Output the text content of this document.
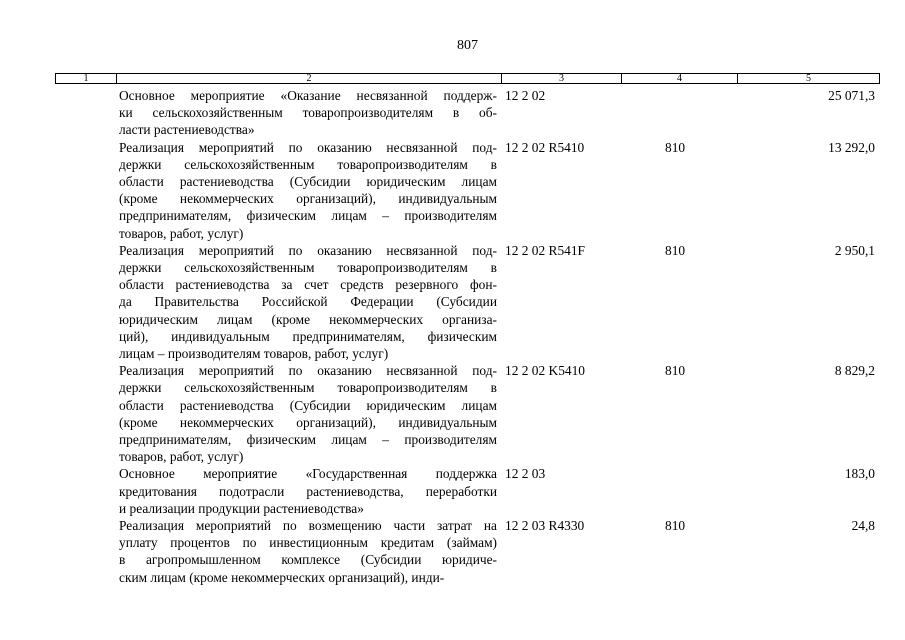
807
1	2	3	4	5
Основное мероприятие «Оказание несвязанной поддерж-
ки сельскохозяйственным товаропроизводителям в об-
ласти растениеводства»
12 2 02	25 071,3
Реализация мероприятий по оказанию несвязанной под-
держки сельскохозяйственным товаропроизводителям в
области растениеводства (Субсидии юридическим лицам
(кроме некоммерческих организаций), индивидуальным
предпринимателям, физическим лицам – производителям
товаров, работ, услуг)
12 2 02 R5410	810	13 292,0
Реализация мероприятий по оказанию несвязанной под-
держки сельскохозяйственным товаропроизводителям в
области растениеводства за счет средств резервного фон-
да Правительства Российской Федерации (Субсидии
юридическим лицам (кроме некоммерческих организа-
ций), индивидуальным предпринимателям, физическим
лицам – производителям товаров, работ, услуг)
12 2 02 R541F	810	2 950,1
Реализация мероприятий по оказанию несвязанной под-
держки сельскохозяйственным товаропроизводителям в
области растениеводства (Субсидии юридическим лицам
(кроме некоммерческих организаций), индивидуальным
предпринимателям, физическим лицам – производителям
товаров, работ, услуг)
12 2 02 K5410	810	8 829,2
Основное мероприятие «Государственная поддержка
кредитования подотрасли растениеводства, переработки
и реализации продукции растениеводства»
12 2 03	183,0
Реализация мероприятий по возмещению части затрат на
уплату процентов по инвестиционным кредитам (займам)
в агропромышленном комплексе (Субсидии юридиче-
ским лицам (кроме некоммерческих организаций), инди-
12 2 03 R4330	810	24,8
